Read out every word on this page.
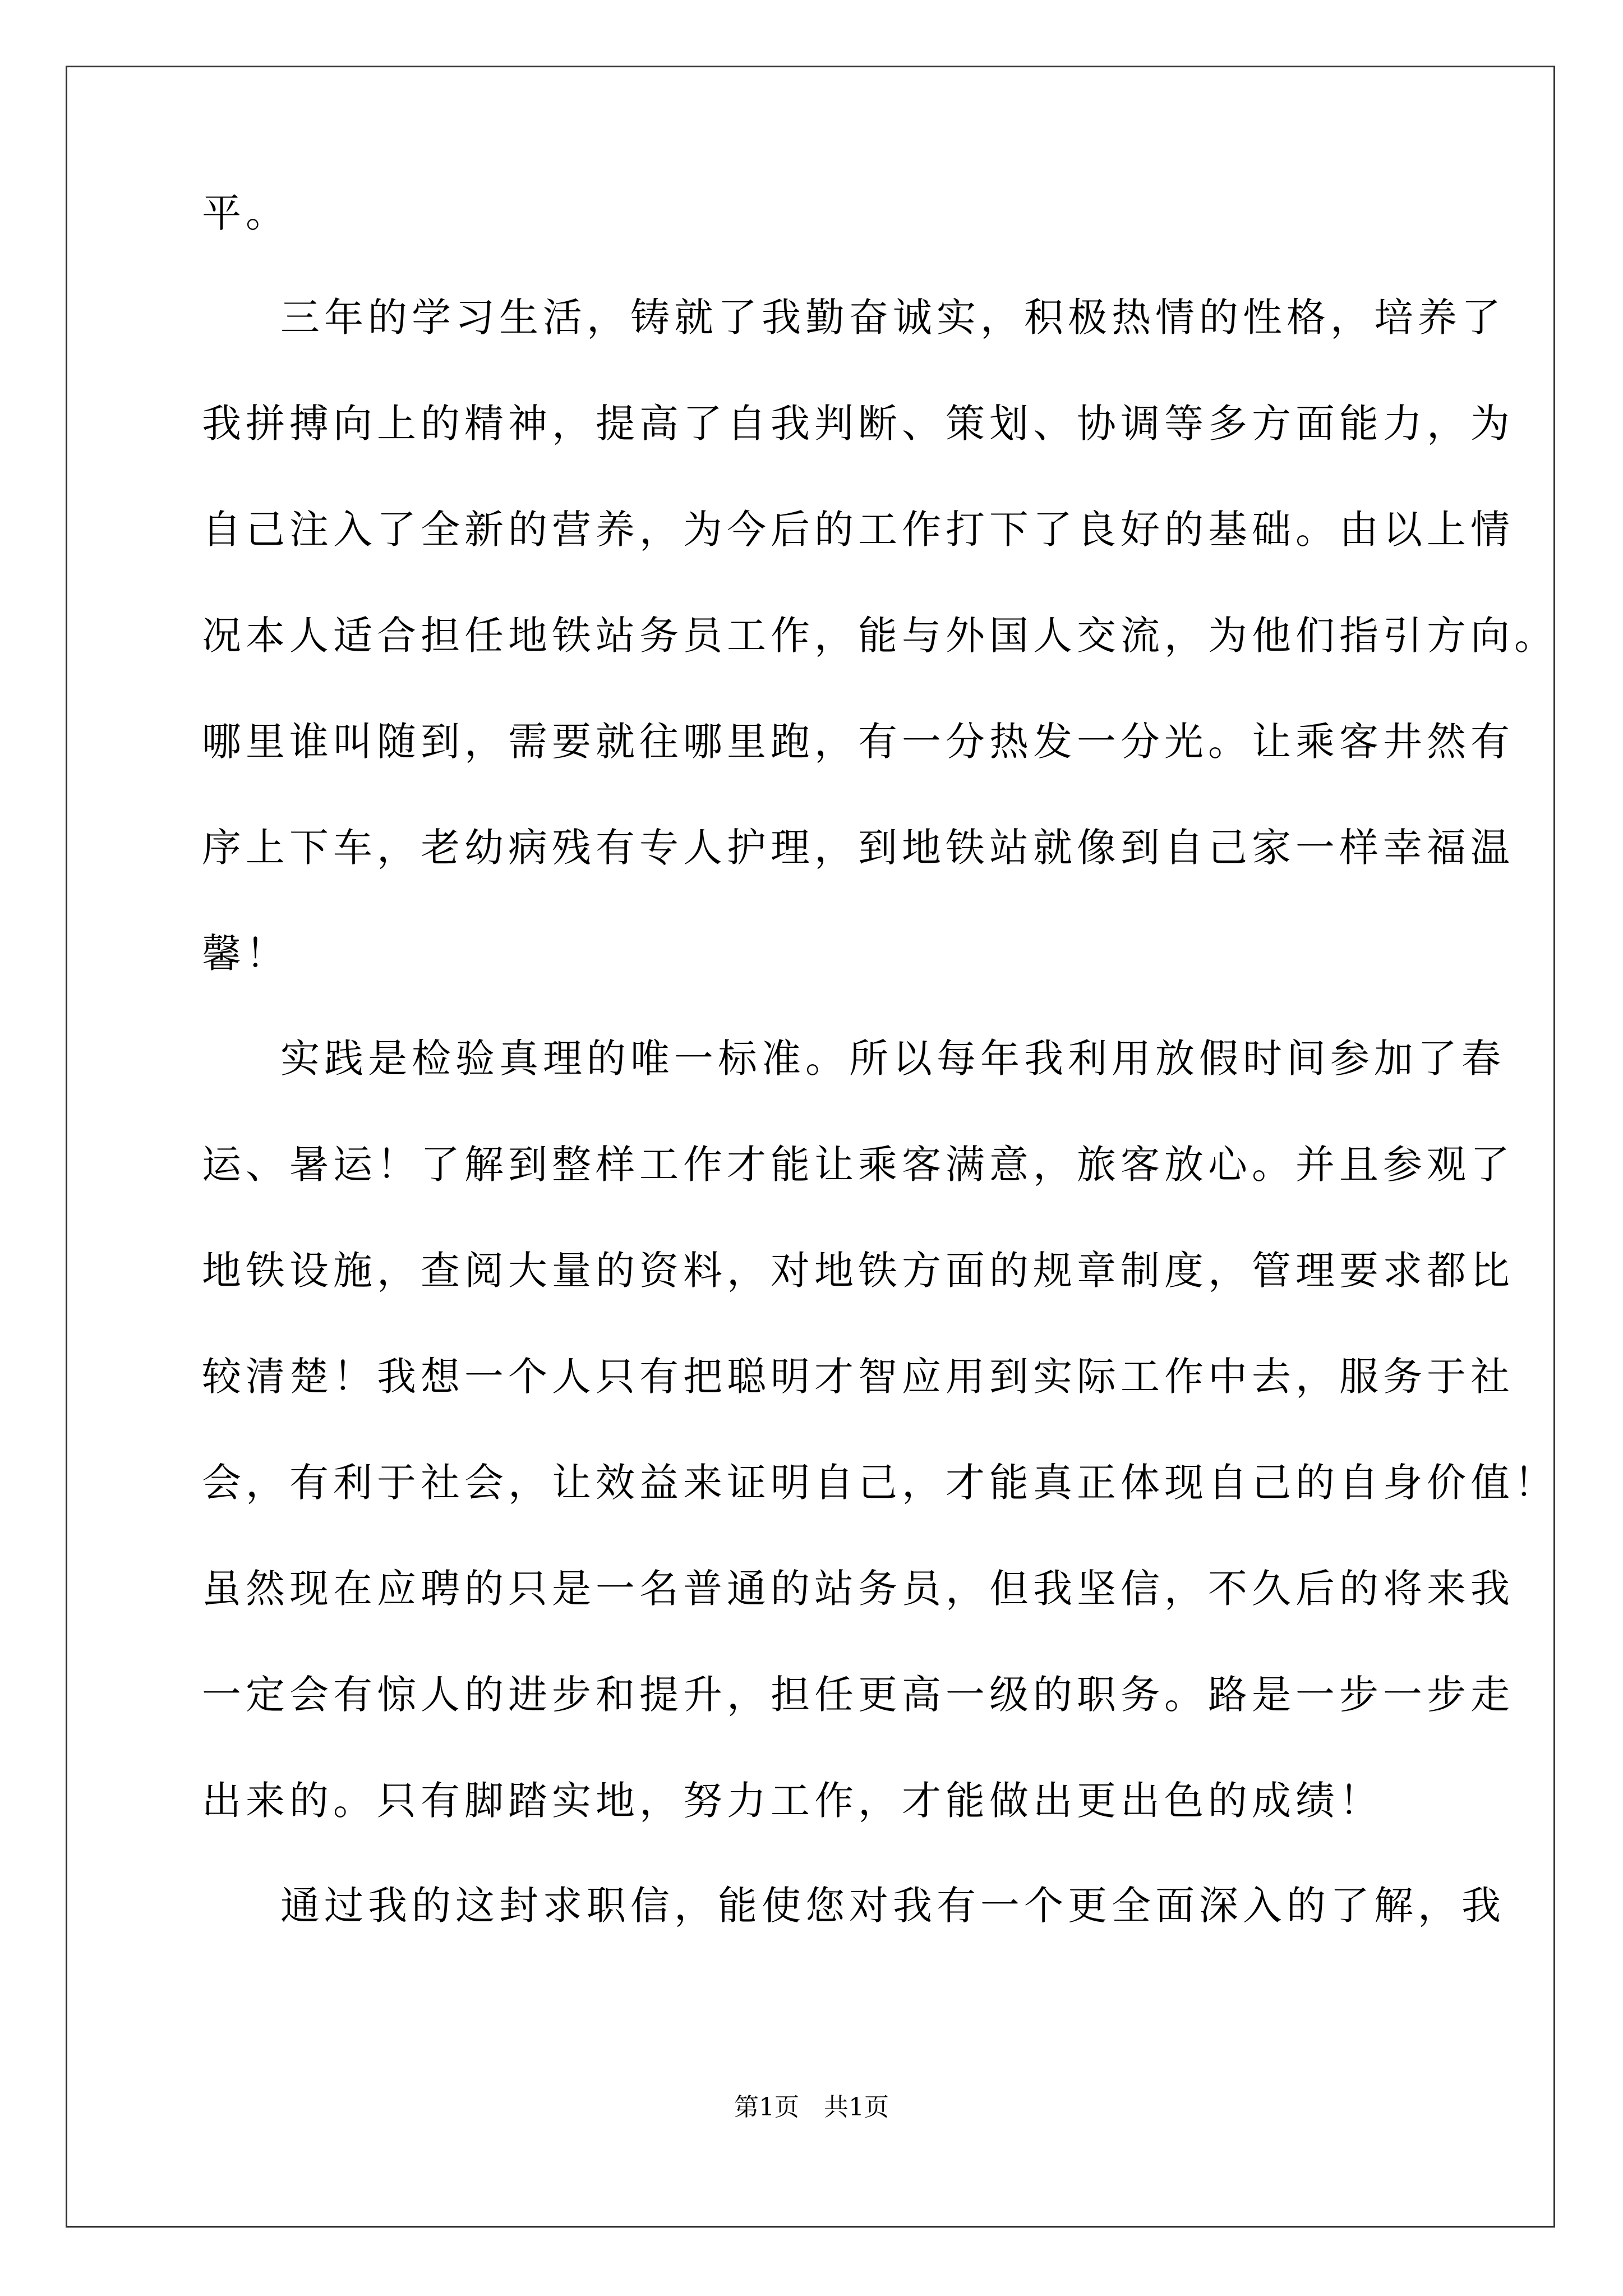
平。
三年的学习生活，铸就了我勤奋诚实，积极热情的性格，培养了
我拼搏向上的精神，提高了自我判断、策划、协调等多方面能力，为
自己注入了全新的营养，为今后的工作打下了良好的基础。由以上情
况本人适合担任地铁站务员工作，能与外国人交流，为他们指引方向。
哪里谁叫随到，需要就往哪里跑，有一分热发一分光。让乘客井然有
序上下车，老幼病残有专人护理，到地铁站就像到自己家一样幸福温
馨！
实践是检验真理的唯一标准。所以每年我利用放假时间参加了春
运、暑运！了解到整样工作才能让乘客满意，旅客放心。并且参观了
地铁设施，查阅大量的资料，对地铁方面的规章制度，管理要求都比
较清楚！我想一个人只有把聪明才智应用到实际工作中去，服务于社
会，有利于社会，让效益来证明自己，才能真正体现自己的自身价值！
虽然现在应聘的只是一名普通的站务员，但我坚信，不久后的将来我
一定会有惊人的进步和提升，担任更高一级的职务。路是一步一步走
出来的。只有脚踏实地，努力工作，才能做出更出色的成绩！
通过我的这封求职信，能使您对我有一个更全面深入的了解，我
第1页　共1页
